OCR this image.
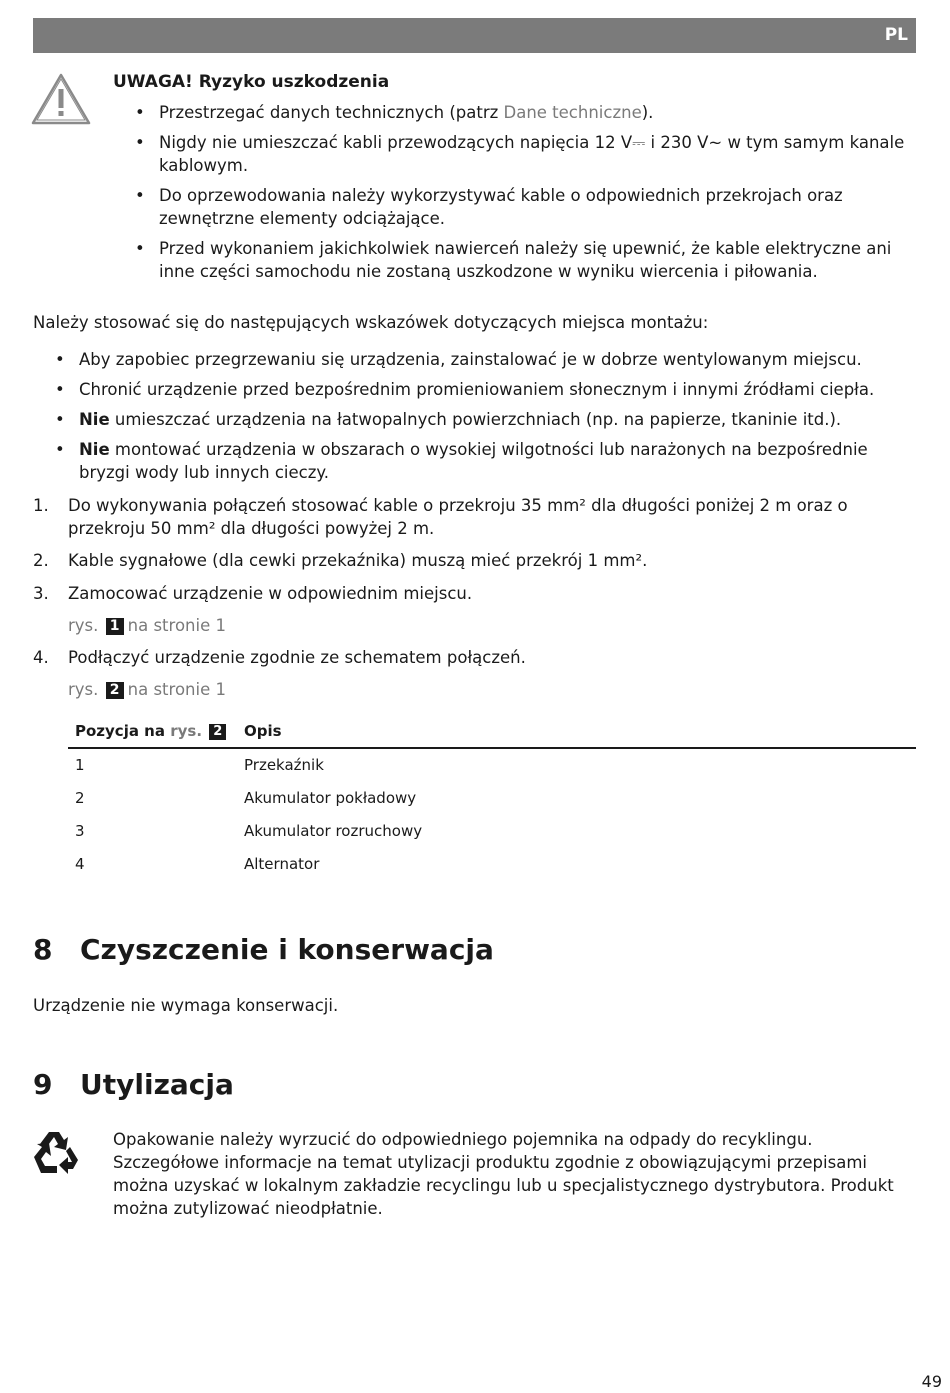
PL
UWAGA! Ryzyko uszkodzenia
• Przestrzegać danych technicznych (patrz Dane techniczne).
• Nigdy nie umieszczać kabli przewodzących napięcia 12 V⎓ i 230 V∼ w tym samym kanale kablowym.
• Do oprzewodowania należy wykorzystywać kable o odpowiednich przekrojach oraz zewnętrzne elementy odciążające.
• Przed wykonaniem jakichkolwiek nawierceń należy się upewnić, że kable elektryczne ani inne części samochodu nie zostaną uszkodzone w wyniku wiercenia i piłowania.
Należy stosować się do następujących wskazówek dotyczących miejsca montażu:
• Aby zapobiec przegrzewaniu się urządzenia, zainstalować je w dobrze wentylowanym miejscu.
• Chronić urządzenie przed bezpośrednim promieniowaniem słonecznym i innymi źródłami ciepła.
• Nie umieszczać urządzenia na łatwopalnych powierzchniach (np. na papierze, tkaninie itd.).
• Nie montować urządzenia w obszarach o wysokiej wilgotności lub narażonych na bezpośrednie bryzgi wody lub innych cieczy.
1. Do wykonywania połączeń stosować kable o przekroju 35 mm² dla długości poniżej 2 m oraz o przekroju 50 mm² dla długości powyżej 2 m.
2. Kable sygnałowe (dla cewki przekaźnika) muszą mieć przekrój 1 mm².
3. Zamocować urządzenie w odpowiednim miejscu.
rys. 1 na stronie 1
4. Podłączyć urządzenie zgodnie ze schematem połączeń.
rys. 2 na stronie 1
Pozycja na rys. 2	Opis
1	Przekaźnik
2	Akumulator pokładowy
3	Akumulator rozruchowy
4	Alternator
8 Czyszczenie i konserwacja
Urządzenie nie wymaga konserwacji.
9 Utylizacja
Opakowanie należy wyrzucić do odpowiedniego pojemnika na odpady do recyklingu. Szczegółowe informacje na temat utylizacji produktu zgodnie z obowiązującymi przepisami można uzyskać w lokalnym zakładzie recyclingu lub u specjalistycznego dystrybutora. Produkt można zutylizować nieodpłatnie.
49
